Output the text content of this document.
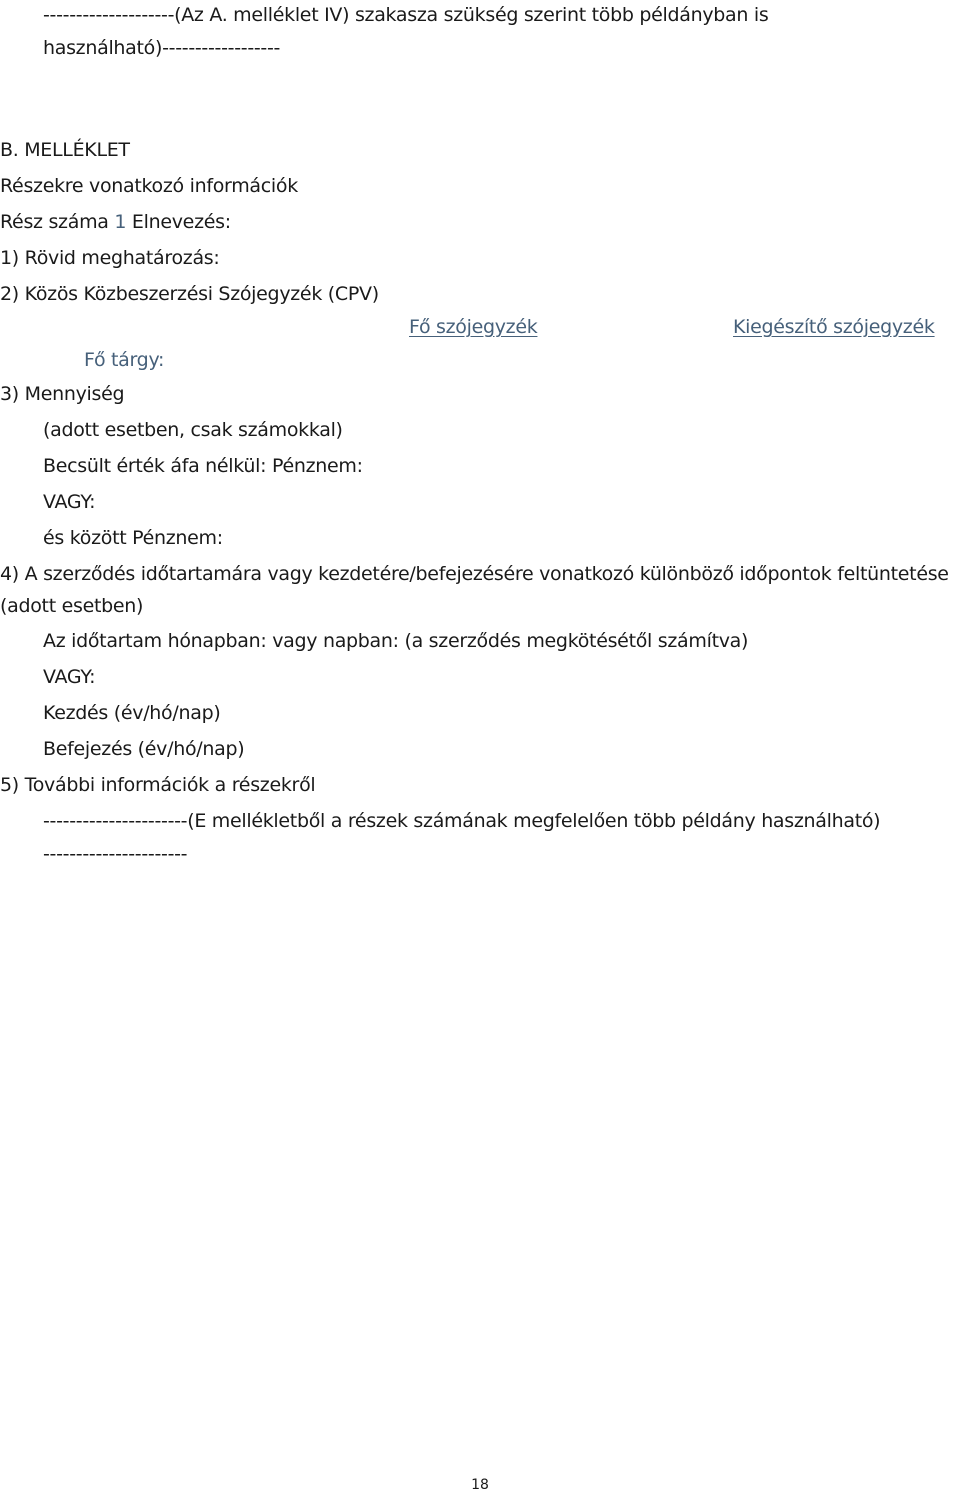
--------------------(Az A. melléklet IV) szakasza szükség szerint több példányban is
használható)------------------
B. MELLÉKLET
Részekre vonatkozó információk
Rész száma 1 Elnevezés:
1) Rövid meghatározás:
2) Közös Közbeszerzési Szójegyzék (CPV)
Fő szójegyzék	Kiegészítő szójegyzék
Fő tárgy:
3) Mennyiség
(adott esetben, csak számokkal)
Becsült érték áfa nélkül: Pénznem:
VAGY:
és között Pénznem:
4) A szerződés időtartamára vagy kezdetére/befejezésére vonatkozó különböző időpontok feltüntetése
(adott esetben)
Az időtartam hónapban: vagy napban: (a szerződés megkötésétől számítva)
VAGY:
Kezdés (év/hó/nap)
Befejezés (év/hó/nap)
5) További információk a részekről
----------------------(E mellékletből a részek számának megfelelően több példány használható)
----------------------
18
